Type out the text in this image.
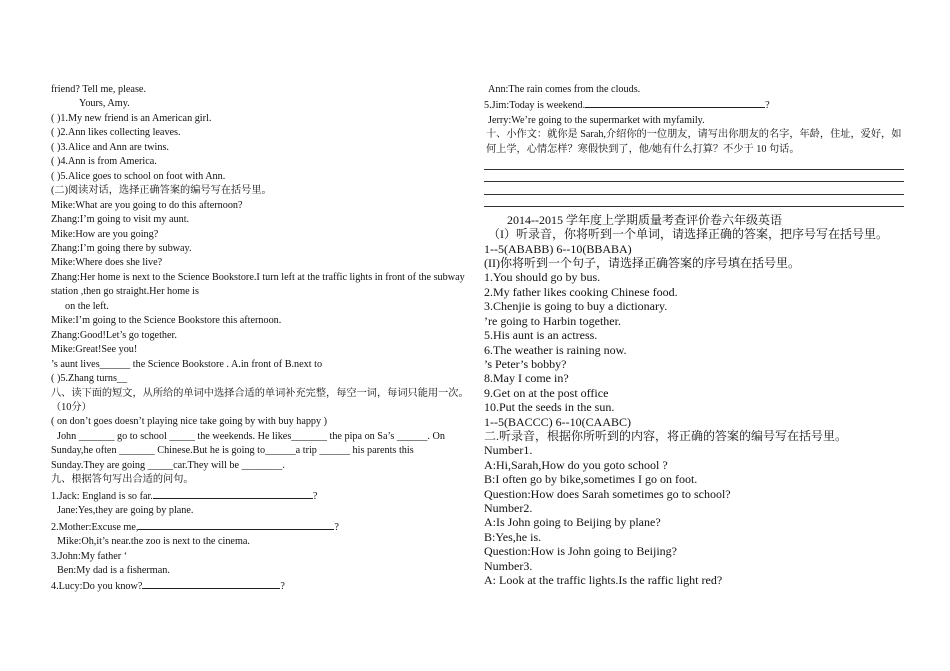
friend? Tell me, please.
Yours, Amy.
( )1.My new friend is an American girl.
( )2.Ann likes collecting leaves.
( )3.Alice and Ann are twins.
( )4.Ann is from America.
( )5.Alice goes to school on foot with Ann.
(二)阅读对话，选择正确答案的编号写在括号里。
Mike:What are you going to do this afternoon?
Zhang:I’m going to visit my aunt.
Mike:How are you going?
Zhang:I’m going there by subway.
Mike:Where does she live?
Zhang:Her home is next to the Science Bookstore.I turn left at the traffic lights in front of the subway station ,then go straight.Her home is
on the left.
Mike:I’m going to the Science Bookstore this afternoon.
Zhang:Good!Let’s go together.
Mike:Great!See you!
’s aunt lives______ the Science Bookstore . A.in front of B.next to
( )5.Zhang turns__
八、读下面的短文，从所给的单词中选择合适的单词补充完整，每空一词，每词只能用一次。（10分）
( on don’t goes doesn’t playing nice take going by with buy happy )
John _______ go to school _____ the weekends. He likes_______ the pipa on Sa’s ______. On Sunday,he often _______ Chinese.But he is going to______a trip ______ his parents this Sunday.They are going _____car.They will be ________.
九、根据答句写出合适的问句。
1.Jack: England is so far.	?
Jane:Yes,they are going by plane.
2.Mother:Excuse me,	?
Mike:Oh,it’s near.the zoo is next to the cinema.
3.John:My father ‘
Ben:My dad is a fisherman.
4.Lucy:Do you know?	?
Ann:The rain comes from the clouds.
5.Jim:Today is weekend.	?
Jerry:We’re going to the supermarket with myfamily.
十、小作文：就你是 Sarah,介绍你的一位朋友，请写出你朋友的名字，年龄，住址，爱好，如何上学，心情怎样？寒假快到了，他/她有什么打算？不少于 10 句话。
2014--2015 学年度上学期质量考查评价卷六年级英语
（I）听录音，你将听到一个单词，请选择正确的答案，把序号写在括号里。
1--5(ABABB) 6--10(BBABA)
(II)你将听到一个句子，请选择正确答案的序号填在括号里。
1.You should go by bus.
2.My father likes cooking Chinese food.
3.Chenjie is going to buy a dictionary.
’re going to Harbin together.
5.His aunt is an actress.
6.The weather is raining now.
’s Peter’s bobby?
8.May I come in?
9.Get on at the post office
10.Put the seeds in the sun.
1--5(BACCC) 6--10(CAABC)
二.听录音，根据你所听到的内容，将正确的答案的编号写在括号里。
Number1.
A:Hi,Sarah,How do you goto school ?
B:I often go by bike,sometimes I go on foot.
Question:How does Sarah sometimes go to school?
Number2.
A:Is John going to Beijing by plane?
B:Yes,he is.
Question:How is John going to Beijing?
Number3.
A: Look at the traffic lights.Is the raffic light red?
